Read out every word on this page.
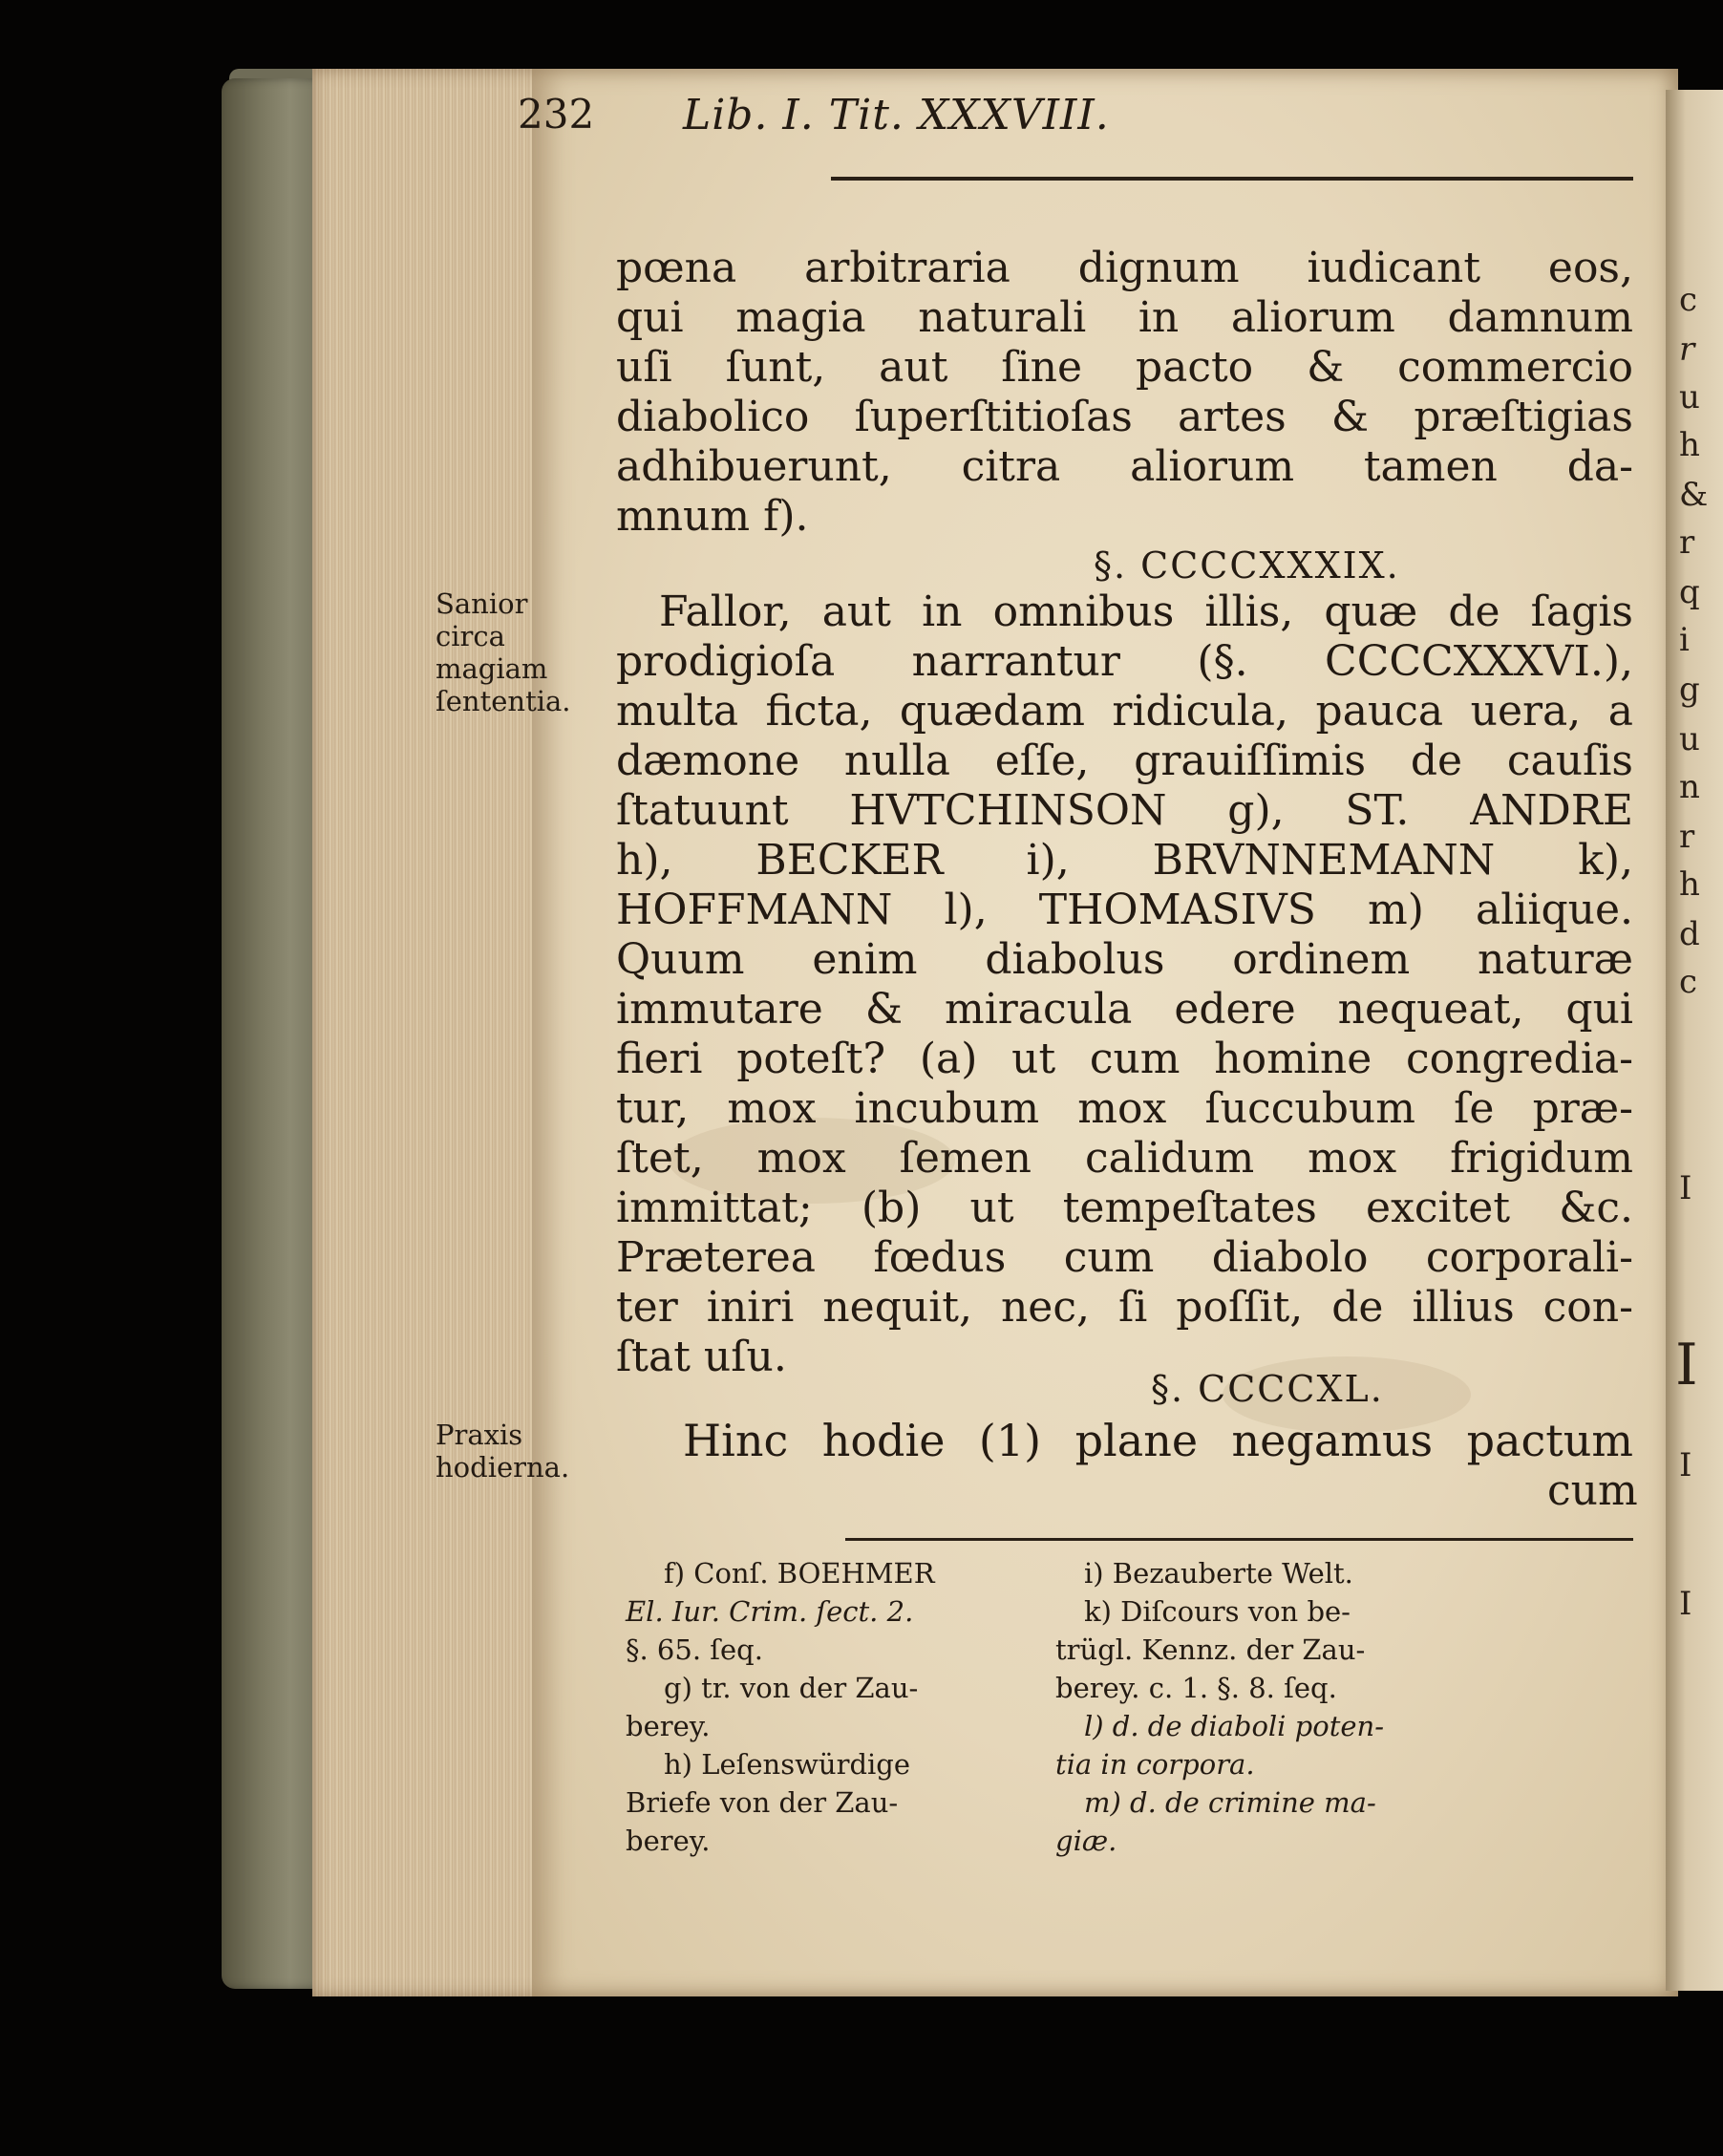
c
r
u
h
&
r
q
i
g
u
n
r
h
d
c
I
I
I
I
232 Lib. I. Tit. XXXVIII.
pœna arbitraria dignum iudicant eos,
qui magia naturali in aliorum damnum
uſi ſunt, aut ſine pacto & commercio
diabolico ſuperſtitioſas artes & præſtigias
adhibuerunt, citra aliorum tamen da-
mnum f).
§. CCCCXXXIX.
Sanior circa magiam ſententia.
Fallor, aut in omnibus illis, quæ de ſagis
prodigioſa narrantur (§. CCCCXXXVI.),
multa ficta, quædam ridicula, pauca uera, a
dæmone nulla eſſe, grauiſſimis de cauſis
ſtatuunt HVTCHINSON g), ST. ANDRE
h), BECKER i), BRVNNEMANN k),
HOFFMANN l), THOMASIVS m) aliique.
Quum enim diabolus ordinem naturæ
immutare & miracula edere nequeat, qui
fieri poteſt? (a) ut cum homine congredia-
tur, mox incubum mox ſuccubum ſe præ-
ſtet, mox ſemen calidum mox frigidum
immittat; (b) ut tempeſtates excitet &c.
Præterea fœdus cum diabolo corporali-
ter iniri nequit, nec, ſi poſſit, de illius con-
ſtat uſu.
§. CCCCXL.
Praxis hodierna.
Hinc hodie (1) plane negamus pactum
cum
f) Conſ. BOEHMER
El. Iur. Crim. ſect. 2.
§. 65. ſeq.
g) tr. von der Zau-
berey.
h) Leſenswürdige
Briefe von der Zau-
berey.
i) Bezauberte Welt.
k) Diſcours von be-
trügl. Kennz. der Zau-
berey. c. 1. §. 8. ſeq.
l) d. de diaboli poten-
tia in corpora.
m) d. de crimine ma-
giæ.
